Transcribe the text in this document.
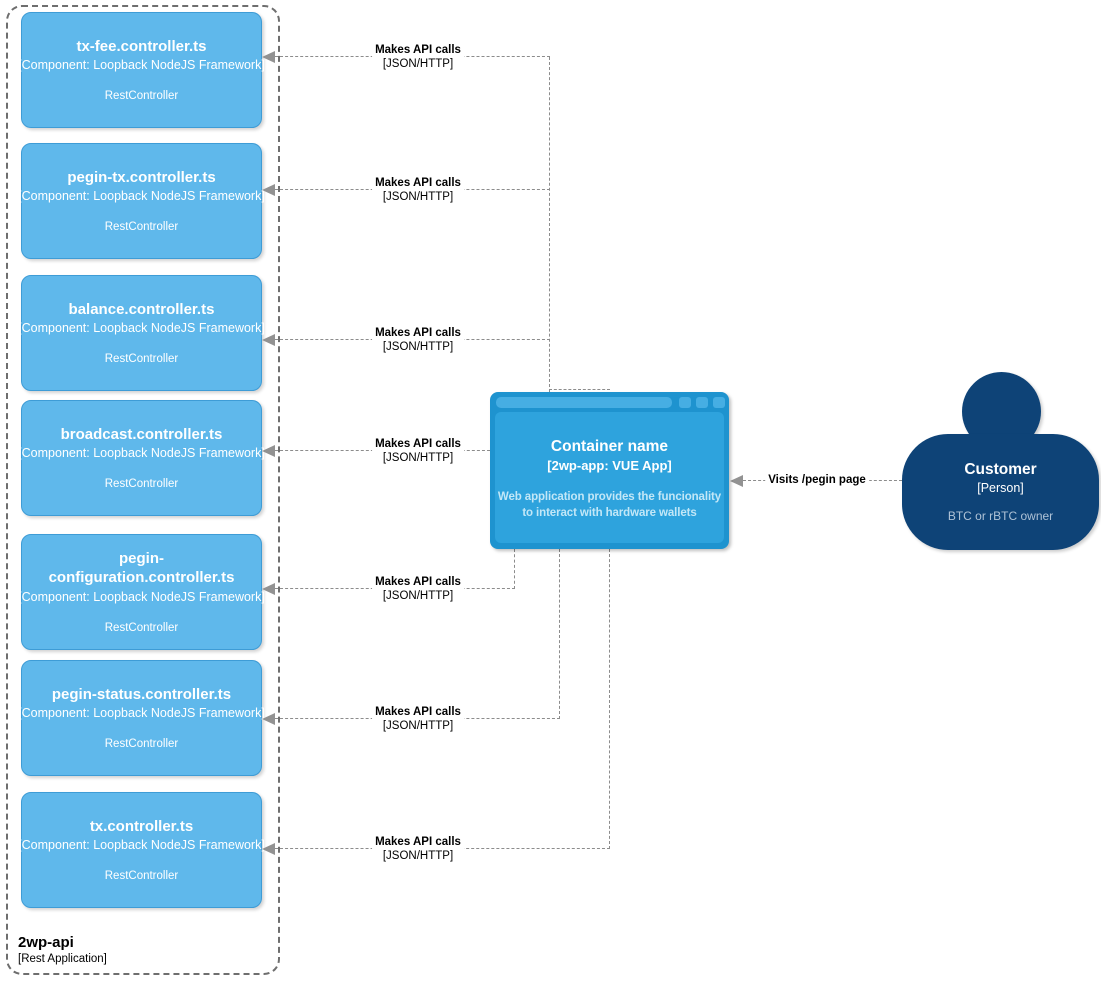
2wp-api
[Rest Application]
tx-fee.controller.ts
[Component: Loopback NodeJS Framework]
RestController
pegin-tx.controller.ts
[Component: Loopback NodeJS Framework]
RestController
balance.controller.ts
[Component: Loopback NodeJS Framework]
RestController
broadcast.controller.ts
[Component: Loopback NodeJS Framework]
RestController
pegin-configuration.controller.ts
[Component: Loopback NodeJS Framework]
RestController
pegin-status.controller.ts
[Component: Loopback NodeJS Framework]
RestController
tx.controller.ts
[Component: Loopback NodeJS Framework]
RestController
Makes API calls
[JSON/HTTP]
Makes API calls
[JSON/HTTP]
Makes API calls
[JSON/HTTP]
Makes API calls
[JSON/HTTP]
Makes API calls
[JSON/HTTP]
Makes API calls
[JSON/HTTP]
Makes API calls
[JSON/HTTP]
Visits /pegin page
Container name
[2wp-app: VUE App]
Web application provides the funcionality to interact with hardware wallets
Customer
[Person]
BTC or rBTC owner
